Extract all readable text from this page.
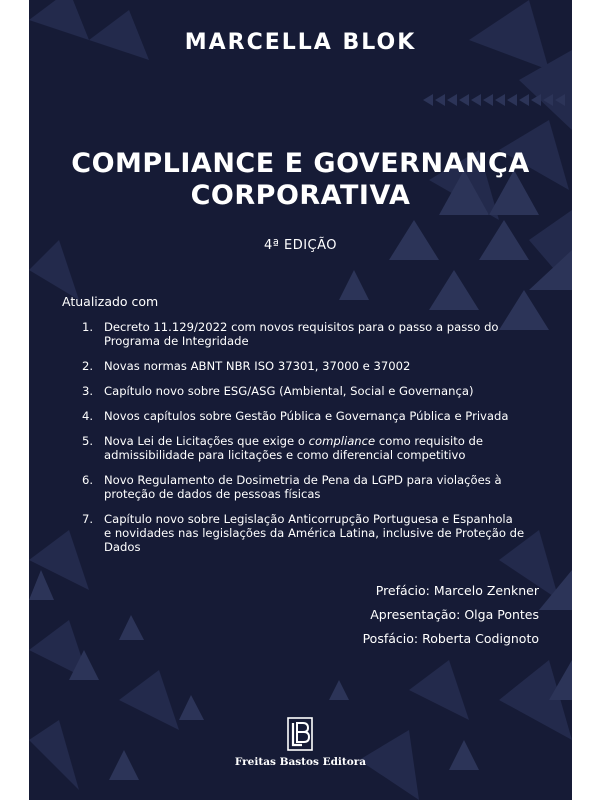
MARCELLA BLOK
COMPLIANCE E GOVERNANÇA
CORPORATIVA
4ª EDIÇÃO
Atualizado com
1. Decreto 11.129/2022 com novos requisitos para o passo a passo do
Programa de Integridade
2. Novas normas ABNT NBR ISO 37301, 37000 e 37002
3. Capítulo novo sobre ESG/ASG (Ambiental, Social e Governança)
4. Novos capítulos sobre Gestão Pública e Governança Pública e Privada
5. Nova Lei de Licitações que exige o compliance como requisito de
admissibilidade para licitações e como diferencial competitivo
6. Novo Regulamento de Dosimetria de Pena da LGPD para violações à
proteção de dados de pessoas físicas
7. Capítulo novo sobre Legislação Anticorrupção Portuguesa e Espanhola
e novidades nas legislações da América Latina, inclusive de Proteção de
Dados
Prefácio: Marcelo Zenkner
Apresentação: Olga Pontes
Posfácio: Roberta Codignoto
Freitas Bastos Editora
